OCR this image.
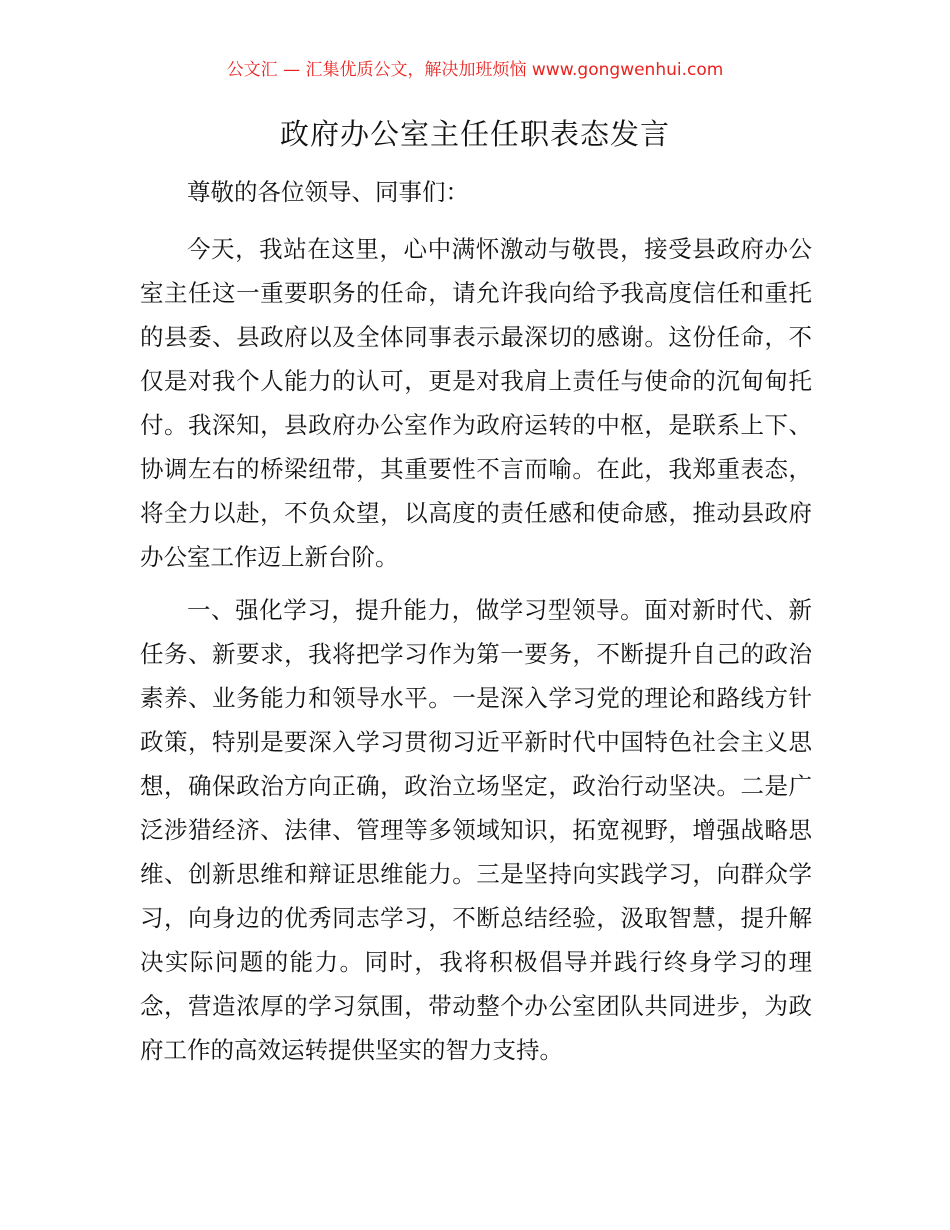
公文汇 — 汇集优质公文，解决加班烦恼 www.gongwenhui.com
政府办公室主任任职表态发言

尊敬的各位领导、同事们：

今天，我站在这里，心中满怀激动与敬畏，接受县政府办公室主任这一重要职务的任命，请允许我向给予我高度信任和重托的县委、县政府以及全体同事表示最深切的感谢。这份任命，不仅是对我个人能力的认可，更是对我肩上责任与使命的沉甸甸托付。我深知，县政府办公室作为政府运转的中枢，是联系上下、协调左右的桥梁纽带，其重要性不言而喻。在此，我郑重表态，将全力以赴，不负众望，以高度的责任感和使命感，推动县政府办公室工作迈上新台阶。

一、强化学习，提升能力，做学习型领导。面对新时代、新任务、新要求，我将把学习作为第一要务，不断提升自己的政治素养、业务能力和领导水平。一是深入学习党的理论和路线方针政策，特别是要深入学习贯彻习近平新时代中国特色社会主义思想，确保政治方向正确，政治立场坚定，政治行动坚决。二是广泛涉猎经济、法律、管理等多领域知识，拓宽视野，增强战略思维、创新思维和辩证思维能力。三是坚持向实践学习，向群众学习，向身边的优秀同志学习，不断总结经验，汲取智慧，提升解决实际问题的能力。同时，我将积极倡导并践行终身学习的理念，营造浓厚的学习氛围，带动整个办公室团队共同进步，为政府工作的高效运转提供坚实的智力支持。
